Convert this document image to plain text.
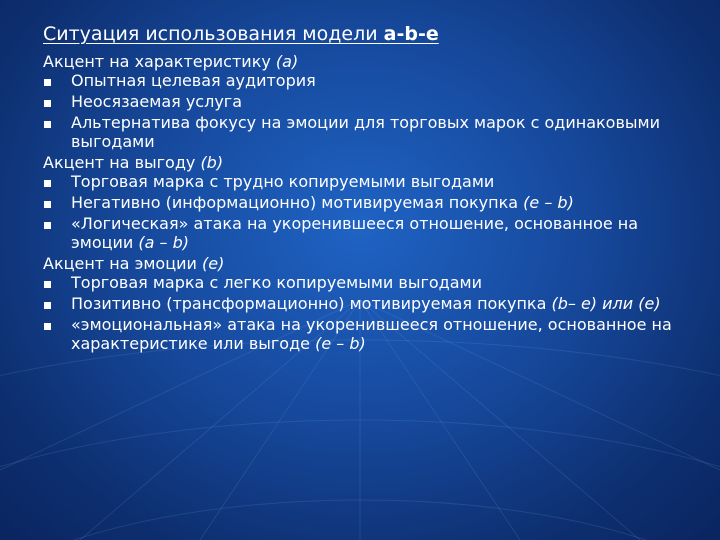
Ситуация использования модели a-b-e
Акцент на характеристику (a)
Опытная целевая аудитория
Неосязаемая услуга
Альтернатива фокусу на эмоции для торговых марок с одинаковыми выгодами
Акцент на выгоду (b)
Торговая марка с трудно копируемыми выгодами
Негативно (информационно) мотивируемая покупка (e – b)
«Логическая» атака на укоренившееся отношение, основанное на эмоции (a – b)
Акцент на эмоции (e)
Торговая марка с легко копируемыми выгодами
Позитивно (трансформационно) мотивируемая покупка (b– e) или (e)
«эмоциональная» атака на укоренившееся отношение, основанное на характеристике или выгоде (e – b)
